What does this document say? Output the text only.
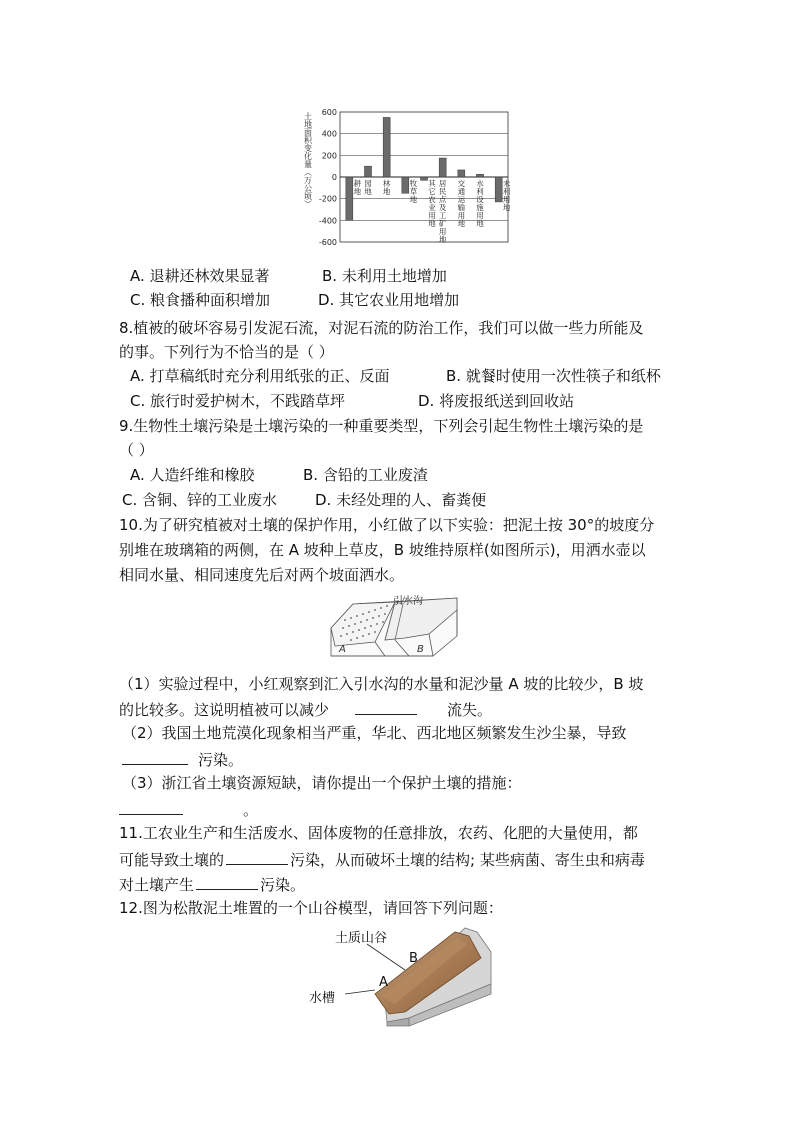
600
400
200
0
-200
-400
-600
土地面积变化量（万公顷）	耕地
园地
林地
牧草地
其它农业用地
居民点及工矿用地
交通运输用地
水利设施用地
未利用地
A. 退耕还林效果显著	B. 未利用土地增加
C. 粮食播种面积增加	D. 其它农业用地增加
8.植被的破坏容易引发泥石流，对泥石流的防治工作，我们可以做一些力所能及
的事。下列行为不恰当的是（ ）
A. 打草稿纸时充分利用纸张的正、反面	B. 就餐时使用一次性筷子和纸杯
C. 旅行时爱护树木，不践踏草坪	D. 将废报纸送到回收站
9.生物性土壤污染是土壤污染的一种重要类型，下列会引起生物性土壤污染的是
（ ）
A. 人造纤维和橡胶	B. 含铅的工业废渣
C. 含铜、锌的工业废水	D. 未经处理的人、畜粪便
10.为了研究植被对土壤的保护作用，小红做了以下实验：把泥土按 30°的坡度分
别堆在玻璃箱的两侧，在 A 坡种上草皮，B 坡维持原样(如图所示)，用洒水壶以
相同水量、相同速度先后对两个坡面洒水。
引水沟
A	B
（1）实验过程中，小红观察到汇入引水沟的水量和泥沙量 A 坡的比较少，B 坡
的比较多。这说明植被可以减少	流失。
（2）我国土地荒漠化现象相当严重，华北、西北地区频繁发生沙尘暴，导致
污染。
（3）浙江省土壤资源短缺，请你提出一个保护土壤的措施：
。
11.工农业生产和生活废水、固体废物的任意排放，农药、化肥的大量使用，都
可能导致土壤的	污染，从而破坏土壤的结构; 某些病菌、寄生虫和病毒
对土壤产生	污染。
12.图为松散泥土堆置的一个山谷模型，请回答下列问题：
土质山谷
B
A
水槽
